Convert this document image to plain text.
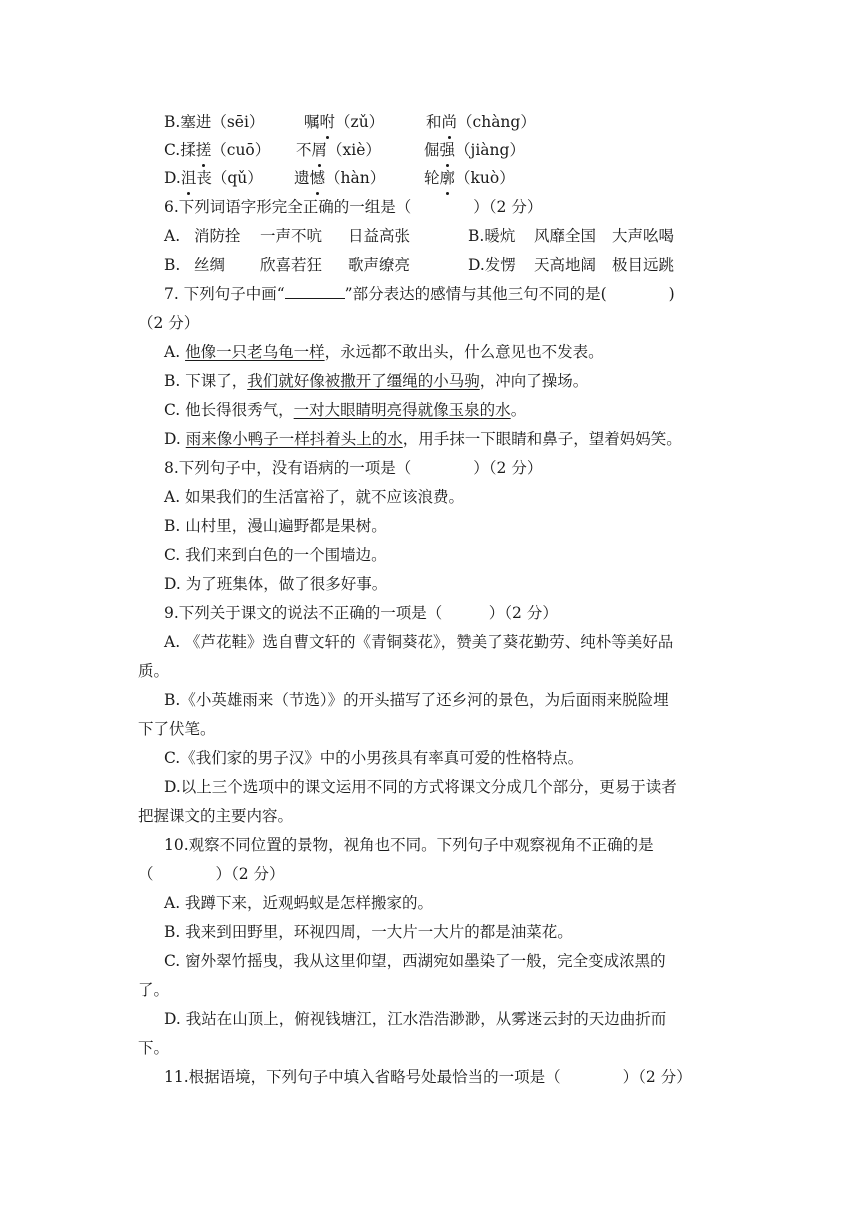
B.塞进（sēi）	嘱咐（zǔ）	和尚（chàng）
C.揉搓（cuō） 不屑（xiè）	倔强（jiàng）
D.沮丧（qǔ） 遗憾（hàn）	轮廓（kuò）
6.下列词语字形完全正确的一组是（　　　　）（2 分）
A. 消防拴 一声不吭 日益高张	B.暖炕 风靡全国 大声吆喝
B. 丝绸 欣喜若狂 歌声缭亮	D.发愣 天高地阔 极目远跳
7. 下列句子中画“	”部分表达的感情与其他三句不同的是(　　　　)
（2 分）
A. 他像一只老乌龟一样，永远都不敢出头，什么意见也不发表。
B. 下课了，我们就好像被撒开了缰绳的小马驹，冲向了操场。
C. 他长得很秀气，一对大眼睛明亮得就像玉泉的水。
D. 雨来像小鸭子一样抖着头上的水，用手抹一下眼睛和鼻子，望着妈妈笑。
8.下列句子中，没有语病的一项是（　　　　）（2 分）
A. 如果我们的生活富裕了，就不应该浪费。
B. 山村里，漫山遍野都是果树。
C. 我们来到白色的一个围墙边。
D. 为了班集体，做了很多好事。
9.下列关于课文的说法不正确的一项是（　　　）（2 分）
A. 《芦花鞋》选自曹文轩的《青铜葵花》，赞美了葵花勤劳、纯朴等美好品
质。
B.《小英雄雨来（节选）》的开头描写了还乡河的景色，为后面雨来脱险埋
下了伏笔。
C.《我们家的男子汉》中的小男孩具有率真可爱的性格特点。
D.以上三个选项中的课文运用不同的方式将课文分成几个部分，更易于读者
把握课文的主要内容。
10.观察不同位置的景物，视角也不同。下列句子中观察视角不正确的是
（　　　　）（2 分）
A. 我蹲下来，近观蚂蚁是怎样搬家的。
B. 我来到田野里，环视四周，一大片一大片的都是油菜花。
C. 窗外翠竹摇曳，我从这里仰望，西湖宛如墨染了一般，完全变成浓黑的
了。
D. 我站在山顶上，俯视钱塘江，江水浩浩渺渺，从雾迷云封的天边曲折而
下。
11.根据语境，下列句子中填入省略号处最恰当的一项是（　　　　）（2 分）
